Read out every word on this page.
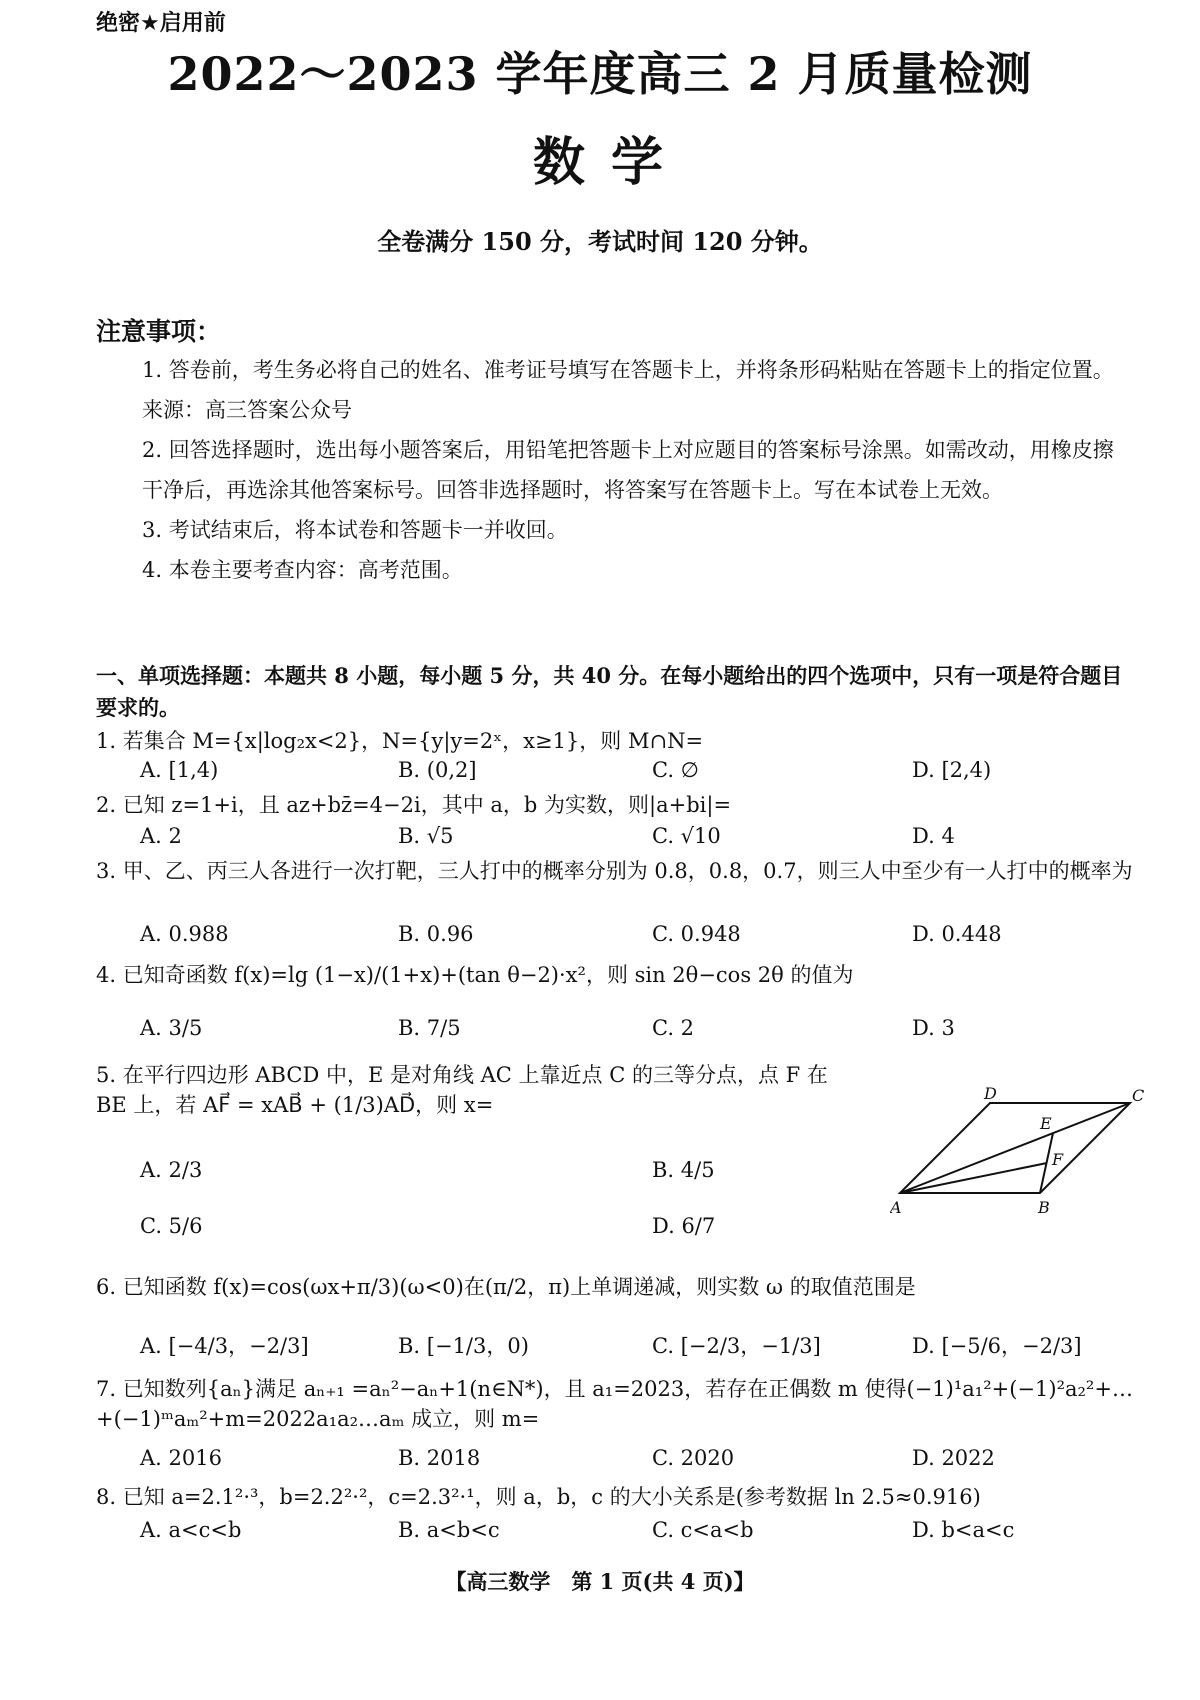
绝密★启用前
2022～2023 学年度高三 2 月质量检测
数 学
全卷满分 150 分，考试时间 120 分钟。
注意事项：

1. 答卷前，考生务必将自己的姓名、准考证号填写在答题卡上，并将条形码粘贴在答题卡上的指定位置。来源：高三答案公众号

2. 回答选择题时，选出每小题答案后，用铅笔把答题卡上对应题目的答案标号涂黑。如需改动，用橡皮擦干净后，再选涂其他答案标号。回答非选择题时，将答案写在答题卡上。写在本试卷上无效。

3. 考试结束后，将本试卷和答题卡一并收回。

4. 本卷主要考查内容：高考范围。

一、单项选择题：本题共 8 小题，每小题 5 分，共 40 分。在每小题给出的四个选项中，只有一项是符合题目要求的。
1. 若集合 M={x|log₂x<2}，N={y|y=2ˣ，x≥1}，则 M∩N=
A. [1,4)	B. (0,2]	C. ∅	D. [2,4)
2. 已知 z=1+i，且 az+bz̄=4−2i，其中 a，b 为实数，则|a+bi|=
A. 2	B. √5	C. √10	D. 4
3. 甲、乙、丙三人各进行一次打靶，三人打中的概率分别为 0.8，0.8，0.7，则三人中至少有一人打中的概率为
A. 0.988	B. 0.96	C. 0.948	D. 0.448
4. 已知奇函数 f(x)=lg (1−x)/(1+x)+(tan θ−2)·x²，则 sin 2θ−cos 2θ 的值为
A. 3/5	B. 7/5	C. 2	D. 3
5. 在平行四边形 ABCD 中，E 是对角线 AC 上靠近点 C 的三等分点，点 F 在 BE 上，若 AF⃗ = xAB⃗ + (1/3)AD⃗，则 x=
A. 2/3	B. 4/5
C. 5/6	D. 6/7
A	B
C
D
E
F
6. 已知函数 f(x)=cos(ωx+π/3)(ω<0)在(π/2，π)上单调递减，则实数 ω 的取值范围是
A. [−4/3，−2/3]	B. [−1/3，0)	C. [−2/3，−1/3]	D. [−5/6，−2/3]
7. 已知数列{aₙ}满足 aₙ₊₁ =aₙ²−aₙ+1(n∈N*)，且 a₁=2023，若存在正偶数 m 使得(−1)¹a₁²+(−1)²a₂²+…+(−1)ᵐaₘ²+m=2022a₁a₂…aₘ 成立，则 m=
A. 2016	B. 2018	C. 2020	D. 2022
8. 已知 a=2.1²·³，b=2.2²·²，c=2.3²·¹，则 a，b，c 的大小关系是(参考数据 ln 2.5≈0.916)
A. a<c<b	B. a<b<c	C. c<a<b	D. b<a<c
【高三数学　第 1 页(共 4 页)】
